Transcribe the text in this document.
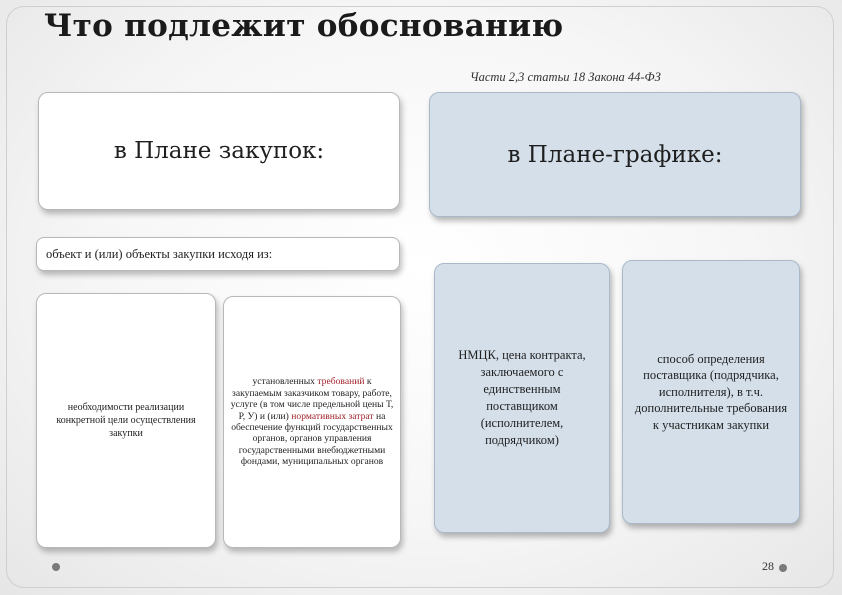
Что подлежит обоснованию
Части 2,3 статьи 18 Закона 44-ФЗ
в Плане закупок:	в Плане-графике:
объект и (или) объекты закупки исходя из:
необходимости реализации конкретной цели осуществления закупки
установленных требований к закупаемым заказчиком товару, работе, услуге (в том числе предельной цены Т, Р, У) и (или) нормативных затрат на обеспечение функций государственных органов, органов управления государственными внебюджетными фондами, муниципальных органов
НМЦК, цена контракта, заключаемого с единственным поставщиком (исполнителем, подрядчиком)
способ определения поставщика (подрядчика, исполнителя), в т.ч. дополнительные требования к участникам закупки
28
